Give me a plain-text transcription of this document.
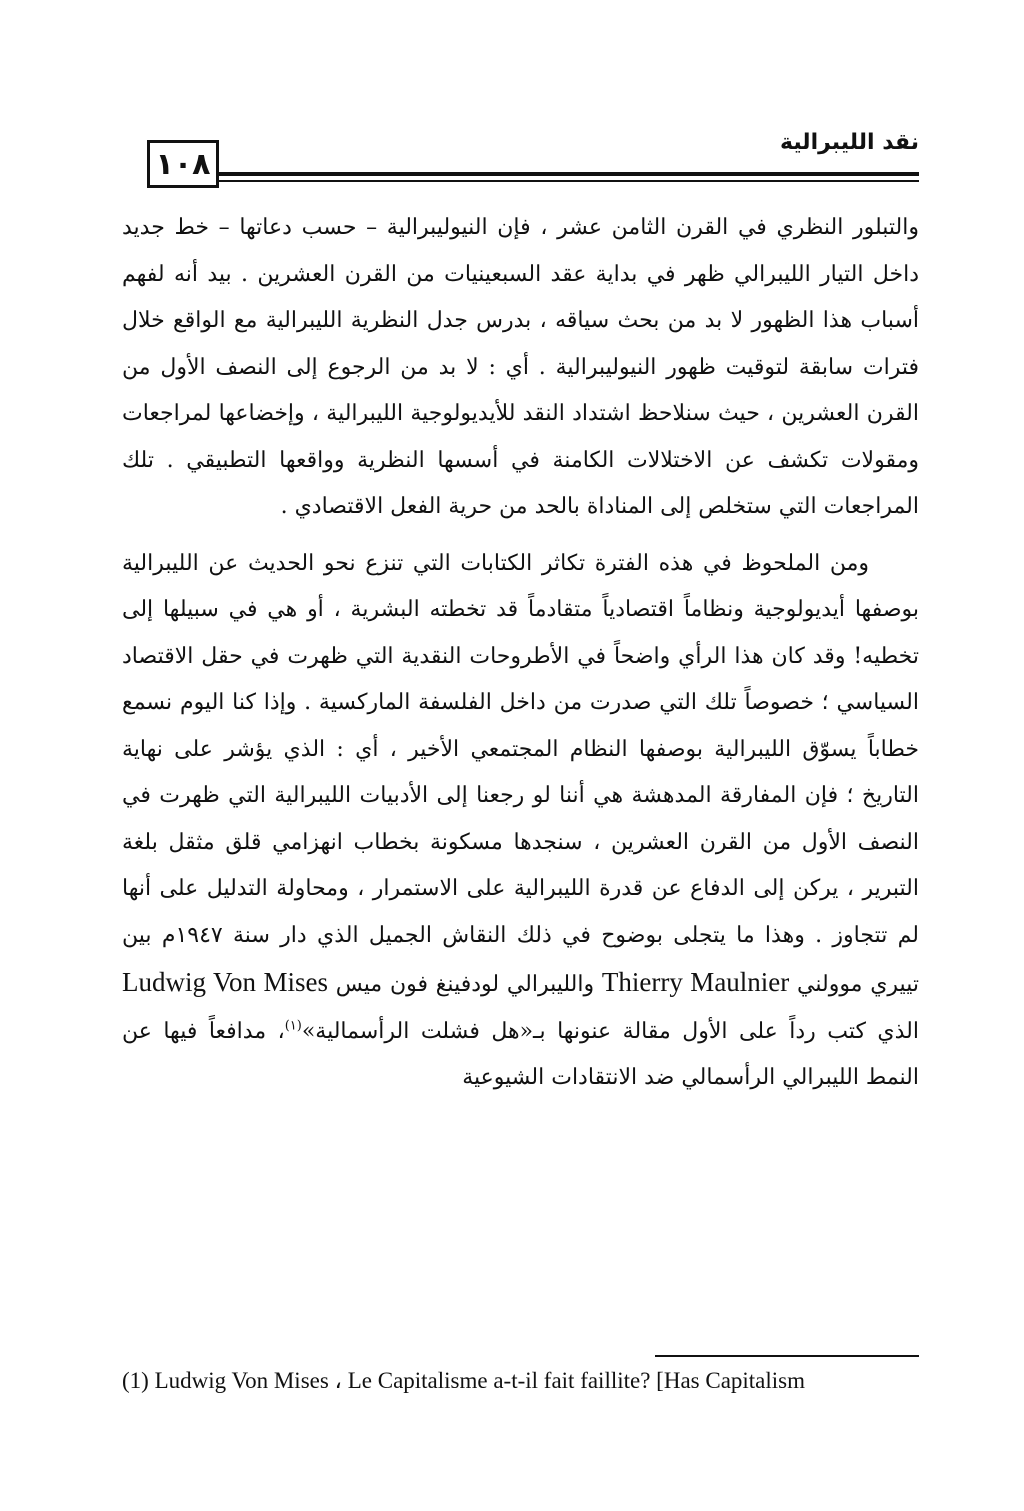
نقد الليبرالية
١٠٨

والتبلور النظري في القرن الثامن عشر ، فإن النيوليبرالية – حسب دعاتها – خط جديد داخل التيار الليبرالي ظهر في بداية عقد السبعينيات من القرن العشرين . بيد أنه لفهم أسباب هذا الظهور لا بد من بحث سياقه ، بدرس جدل النظرية الليبرالية مع الواقع خلال فترات سابقة لتوقيت ظهور النيوليبرالية . أي : لا بد من الرجوع إلى النصف الأول من القرن العشرين ، حيث سنلاحظ اشتداد النقد للأيديولوجية الليبرالية ، وإخضاعها لمراجعات ومقولات تكشف عن الاختلالات الكامنة في أسسها النظرية وواقعها التطبيقي . تلك المراجعات التي ستخلص إلى المناداة بالحد من حرية الفعل الاقتصادي .

ومن الملحوظ في هذه الفترة تكاثر الكتابات التي تنزع نحو الحديث عن الليبرالية بوصفها أيديولوجية ونظاماً اقتصادياً متقادماً قد تخطته البشرية ، أو هي في سبيلها إلى تخطيه! وقد كان هذا الرأي واضحاً في الأطروحات النقدية التي ظهرت في حقل الاقتصاد السياسي ؛ خصوصاً تلك التي صدرت من داخل الفلسفة الماركسية . وإذا كنا اليوم نسمع خطاباً يسوّق الليبرالية بوصفها النظام المجتمعي الأخير ، أي : الذي يؤشر على نهاية التاريخ ؛ فإن المفارقة المدهشة هي أننا لو رجعنا إلى الأدبيات الليبرالية التي ظهرت في النصف الأول من القرن العشرين ، سنجدها مسكونة بخطاب انهزامي قلق مثقل بلغة التبرير ، يركن إلى الدفاع عن قدرة الليبرالية على الاستمرار ، ومحاولة التدليل على أنها لم تتجاوز . وهذا ما يتجلى بوضوح في ذلك النقاش الجميل الذي دار سنة ١٩٤٧م بين تييري موولني Thierry Maulnier والليبرالي لودفينغ فون ميس Ludwig Von Mises الذي كتب رداً على الأول مقالة عنونها بـ«هل فشلت الرأسمالية»$^{(١)}$، مدافعاً فيها عن النمط الليبرالي الرأسمالي ضد الانتقادات الشيوعية

(1) Ludwig Von Mises ، Le Capitalisme a-t-il fait faillite? [Has Capitalism
